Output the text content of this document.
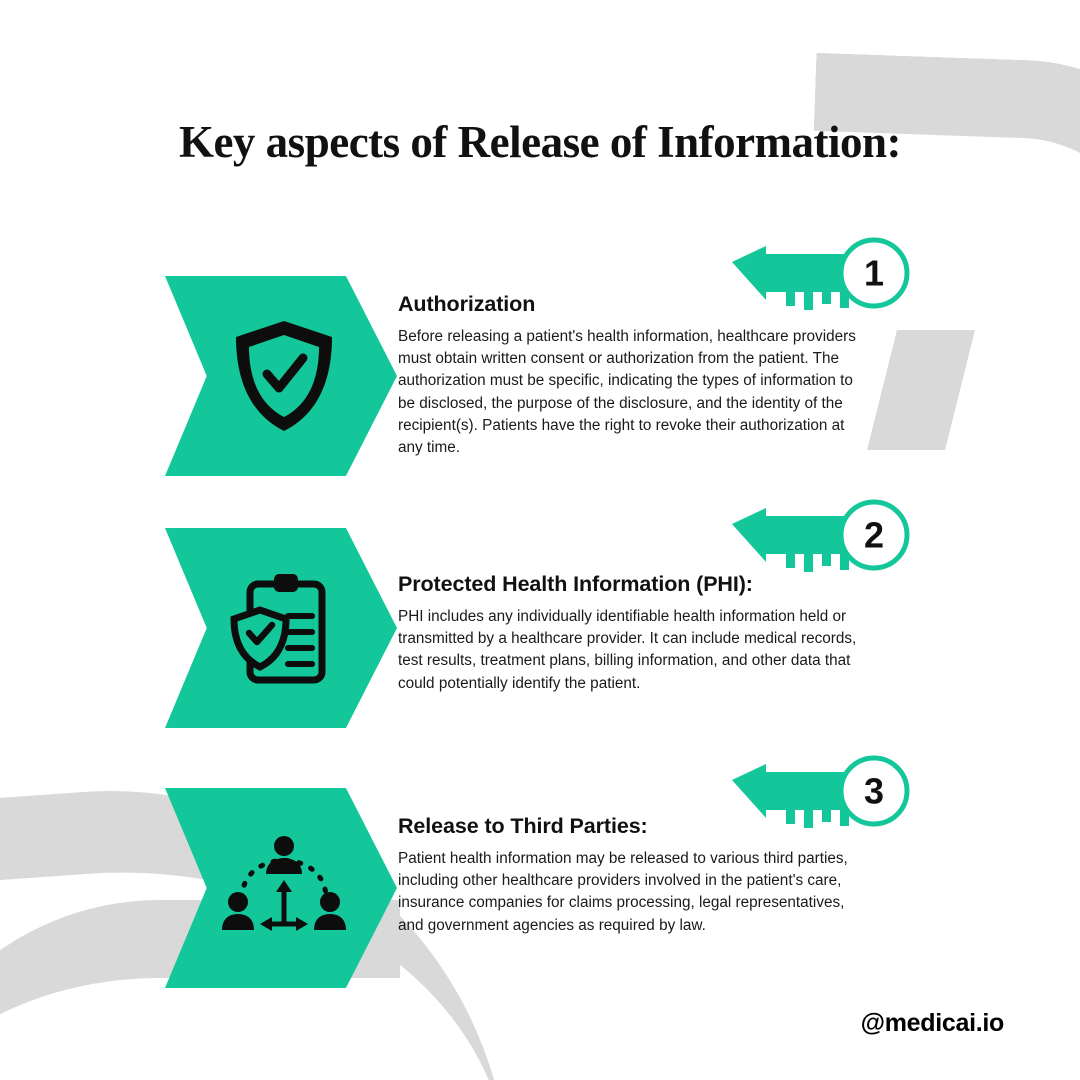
Key aspects of Release of Information:

Authorization

Before releasing a patient's health information, healthcare providers must obtain written consent or authorization from the patient. The authorization must be specific, indicating the types of information to be disclosed, the purpose of the disclosure, and the identity of the recipient(s). Patients have the right to revoke their authorization at any time.

1

Protected Health Information (PHI):

PHI includes any individually identifiable health information held or transmitted by a healthcare provider. It can include medical records, test results, treatment plans, billing information, and other data that could potentially identify the patient.

2

Release to Third Parties:

Patient health information may be released to various third parties, including other healthcare providers involved in the patient's care, insurance companies for claims processing, legal representatives, and government agencies as required by law.

3
@medicai.io
